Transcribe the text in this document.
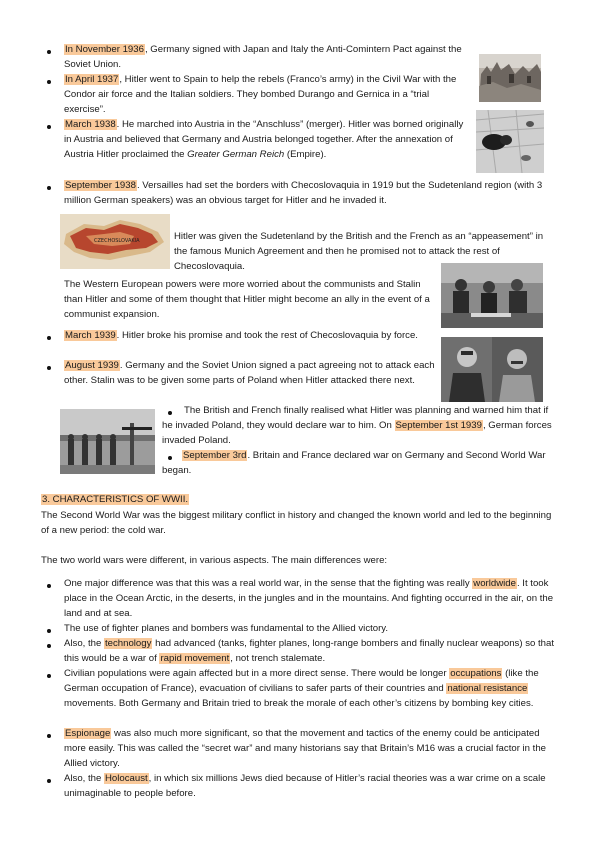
In November 1936, Germany signed with Japan and Italy the Anti-Comintern Pact against the Soviet Union.

In April 1937, Hitler went to Spain to help the rebels (Franco’s army) in the Civil War with the Condor air force and the Italian soldiers. They bombed Durango and Gernica in a “trial exercise”.

March 1938. He marched into Austria in the “Anschluss” (merger). Hitler was borned originally in Austria and believed that Germany and Austria belonged together. After the annexation of Austria Hitler proclaimed the Greater German Reich (Empire).

September 1938. Versailles had set the borders with Checoslovaquia in 1919 but the Sudetenland region (with 3 million German speakers) was an obvious target for Hitler and he invaded it.

Hitler was given the Sudetenland by the British and the French as an “appeasement” in the famous Munich Agreement and then he promised not to attack the rest of Checoslovaquia.

The Western European powers were more worried about the communists and Stalin than Hitler and some of them thought that Hitler might become an ally in the event of a communist expansion.

March 1939. Hitler broke his promise and took the rest of Checoslovaquia by force.

August 1939. Germany and the Soviet Union signed a pact agreeing not to attack each other. Stalin was to be given some parts of Poland when Hitler attacked there next.

The British and French finally realised what Hitler was planning and warned him that if he invaded Poland, they would declare war to him. On September 1st 1939, German forces invaded Poland.

September 3rd. Britain and France declared war on Germany and Second World War began.

CZECHOSLOVAKIA

3. CHARACTERISTICS OF WWII.

The Second World War was the biggest military conflict in history and changed the known world and led to the beginning of a new period: the cold war.

The two world wars were different, in various aspects. The main differences were:

One major difference was that this was a real world war, in the sense that the fighting was really worldwide. It took place in the Ocean Arctic, in the deserts, in the jungles and in the mountains. And fighting occurred in the air, on the land and at sea.

The use of fighter planes and bombers was fundamental to the Allied victory.

Also, the technology had advanced (tanks, fighter planes, long-range bombers and finally nuclear weapons) so that this would be a war of rapid movement, not trench stalemate.

Civilian populations were again affected but in a more direct sense. There would be longer occupations (like the German occupation of France), evacuation of civilians to safer parts of their countries and national resistance movements. Both Germany and Britain tried to break the morale of each other’s citizens by bombing key cities.

Espionage was also much more significant, so that the movement and tactics of the enemy could be anticipated more easily. This was called the “secret war” and many historians say that Britain’s M16 was a crucial factor in the Allied victory.

Also, the Holocaust, in which six millions Jews died because of Hitler’s racial theories was a war crime on a scale unimaginable to people before.
